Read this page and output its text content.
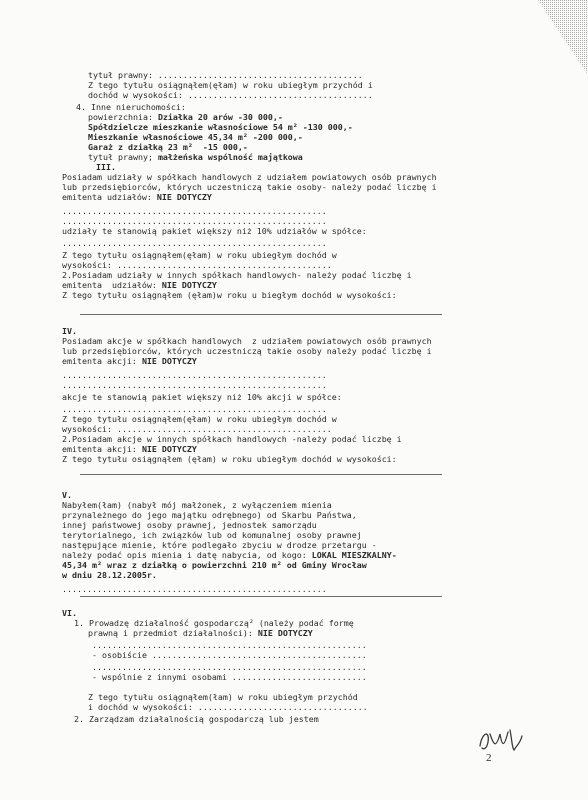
2
tytuł prawny: .........................................
Z tego tytułu osiągnąłem(ęłam) w roku ubiegłym przychód i
dochód w wysokości: .....................................
4. Inne nieruchomości:
powierzchnia: Działka 20 arów -30 000,-
Spółdzielcze mieszkanie własnościowe 54 m² -130 000,-
Mieszkanie własnościowe 45,34 m² -200 000,-
Garaż z działką 23 m²  -15 000,-
tytuł prawny; małżeńska wspólność majątkowa
III.
Posiadam udziały w spółkach handlowych z udziałem powiatowych osób prawnych
lub przedsiębiorców, których uczestniczą takie osoby- należy podać liczbę i
emitenta udziałów: NIE DOTYCZY
.....................................................
.....................................................
udziały te stanowią pakiet większy niż 10% udziałów w spółce:
.....................................................
Z tego tytułu osiągnąłem(ęłam) w roku ubiegłym dochód w
wysokości: ...........................................
2.Posiadam udziały w innych spółkach handlowych- należy podać liczbę i
emitenta  udziałów: NIE DOTYCZY
Z tego tytułu osiągnąłem (ęłam)w roku u biegłym dochód w wysokości:
IV.
Posiadam akcje w spółkach handlowych  z udziałem powiatowych osób prawnych
lub przedsiębiorców, których uczestniczą takie osoby należy podać liczbę i
emitenta akcji: NIE DOTYCZY
.....................................................
.....................................................
akcje te stanowią pakiet większy niż 10% akcji w spółce:
.....................................................
Z tego tytułu osiągnąłem(ęłam) w roku ubiegłym dochód w
wysokości: ...........................................
2.Posiadam akcje w innych spółkach handlowych -należy podać liczbę i
emitenta akcji: NIE DOTYCZY
Z tego tytułu osiągnąłem (ęłam) w roku ubiegłym dochód w wysokości:
V.
Nabyłem(łam) (nabył mój małżonek, z wyłączeniem mienia
przynależnego do jego majątku odrębnego) od Skarbu Państwa,
innej państwowej osoby prawnej, jednostek samorządu
terytorialnego, ich związków lub od komunalnej osoby prawnej
następujące mienie, które podlegało zbyciu w drodze przetargu -
należy podać opis mienia i datę nabycia, od kogo: LOKAL MIESZKALNY-
45,34 m² wraz z działką o powierzchni 210 m² od Gminy Wrocław
w dniu 28.12.2005r.
.....................................................
VI.
1. Prowadzę działalność gospodarczą² (należy podać formę
prawną i przedmiot działalności): NIE DOTYCZY
.......................................................
- osobiście ...........................................
.......................................................
- wspólnie z innymi osobami ...........................
Z tego tytułu osiągnąłem(łam) w roku ubiegłym przychód
i dochód w wysokości: ..................................
2. Zarządzam działalnością gospodarczą lub jestem
